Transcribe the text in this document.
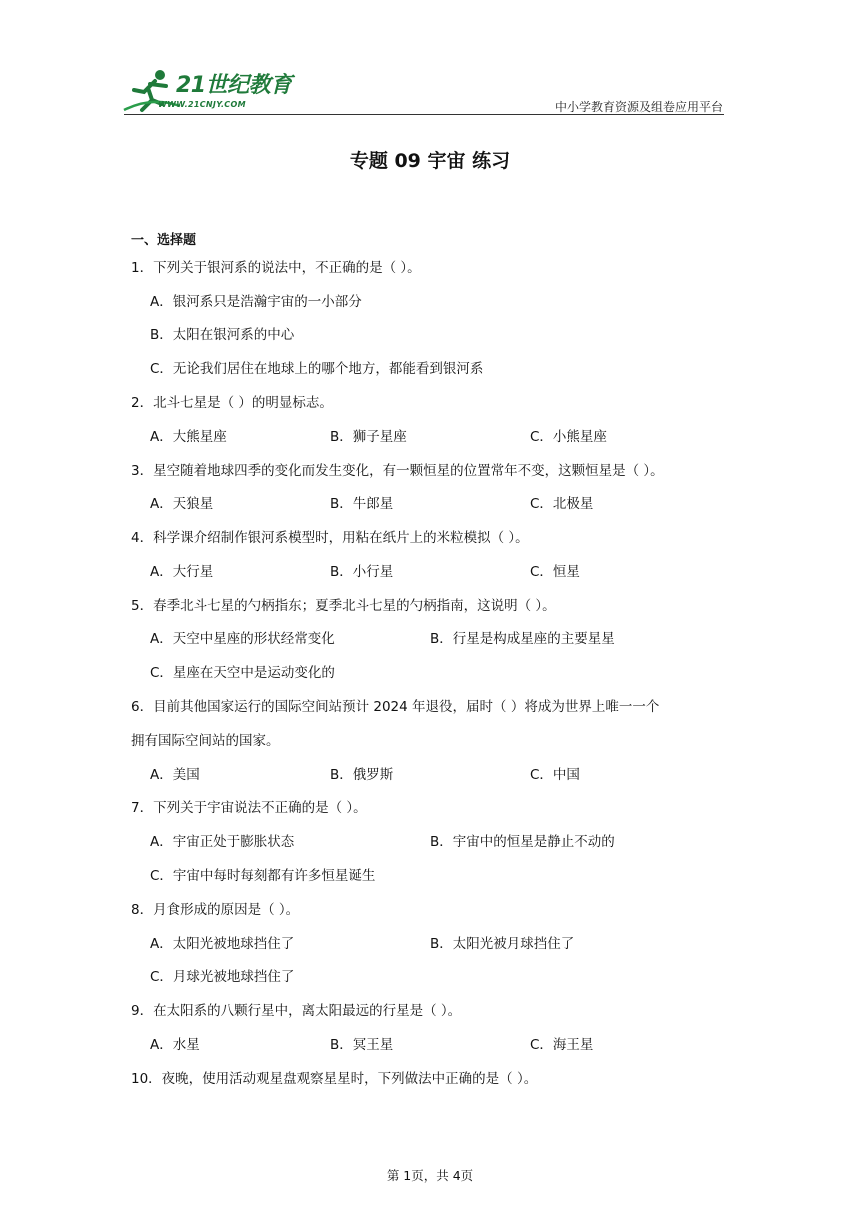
21世纪教育
WWW.21CNJY.COM	中小学教育资源及组卷应用平台
专题 09 宇宙 练习
一、选择题
1．下列关于银河系的说法中，不正确的是（ ）。
A．银河系只是浩瀚宇宙的一小部分
B．太阳在银河系的中心
C．无论我们居住在地球上的哪个地方，都能看到银河系
2．北斗七星是（ ）的明显标志。
A．大熊星座	B．狮子星座	C．小熊星座
3．星空随着地球四季的变化而发生变化，有一颗恒星的位置常年不变，这颗恒星是（ ）。
A．天狼星	B．牛郎星	C．北极星
4．科学课介绍制作银河系模型时，用粘在纸片上的米粒模拟（ ）。
A．大行星	B．小行星	C．恒星
5．春季北斗七星的勺柄指东；夏季北斗七星的勺柄指南，这说明（ ）。
A．天空中星座的形状经常变化	B．行星是构成星座的主要星星
C．星座在天空中是运动变化的
6．目前其他国家运行的国际空间站预计 2024 年退役，届时（ ）将成为世界上唯一一个
拥有国际空间站的国家。
A．美国	B．俄罗斯	C．中国
7．下列关于宇宙说法不正确的是（ ）。
A．宇宙正处于膨胀状态	B．宇宙中的恒星是静止不动的
C．宇宙中每时每刻都有许多恒星诞生
8．月食形成的原因是（ ）。
A．太阳光被地球挡住了	B．太阳光被月球挡住了
C．月球光被地球挡住了
9．在太阳系的八颗行星中，离太阳最远的行星是（ ）。
A．水星	B．冥王星	C．海王星
10．夜晚，使用活动观星盘观察星星时，下列做法中正确的是（ ）。
第 1页，共 4页
